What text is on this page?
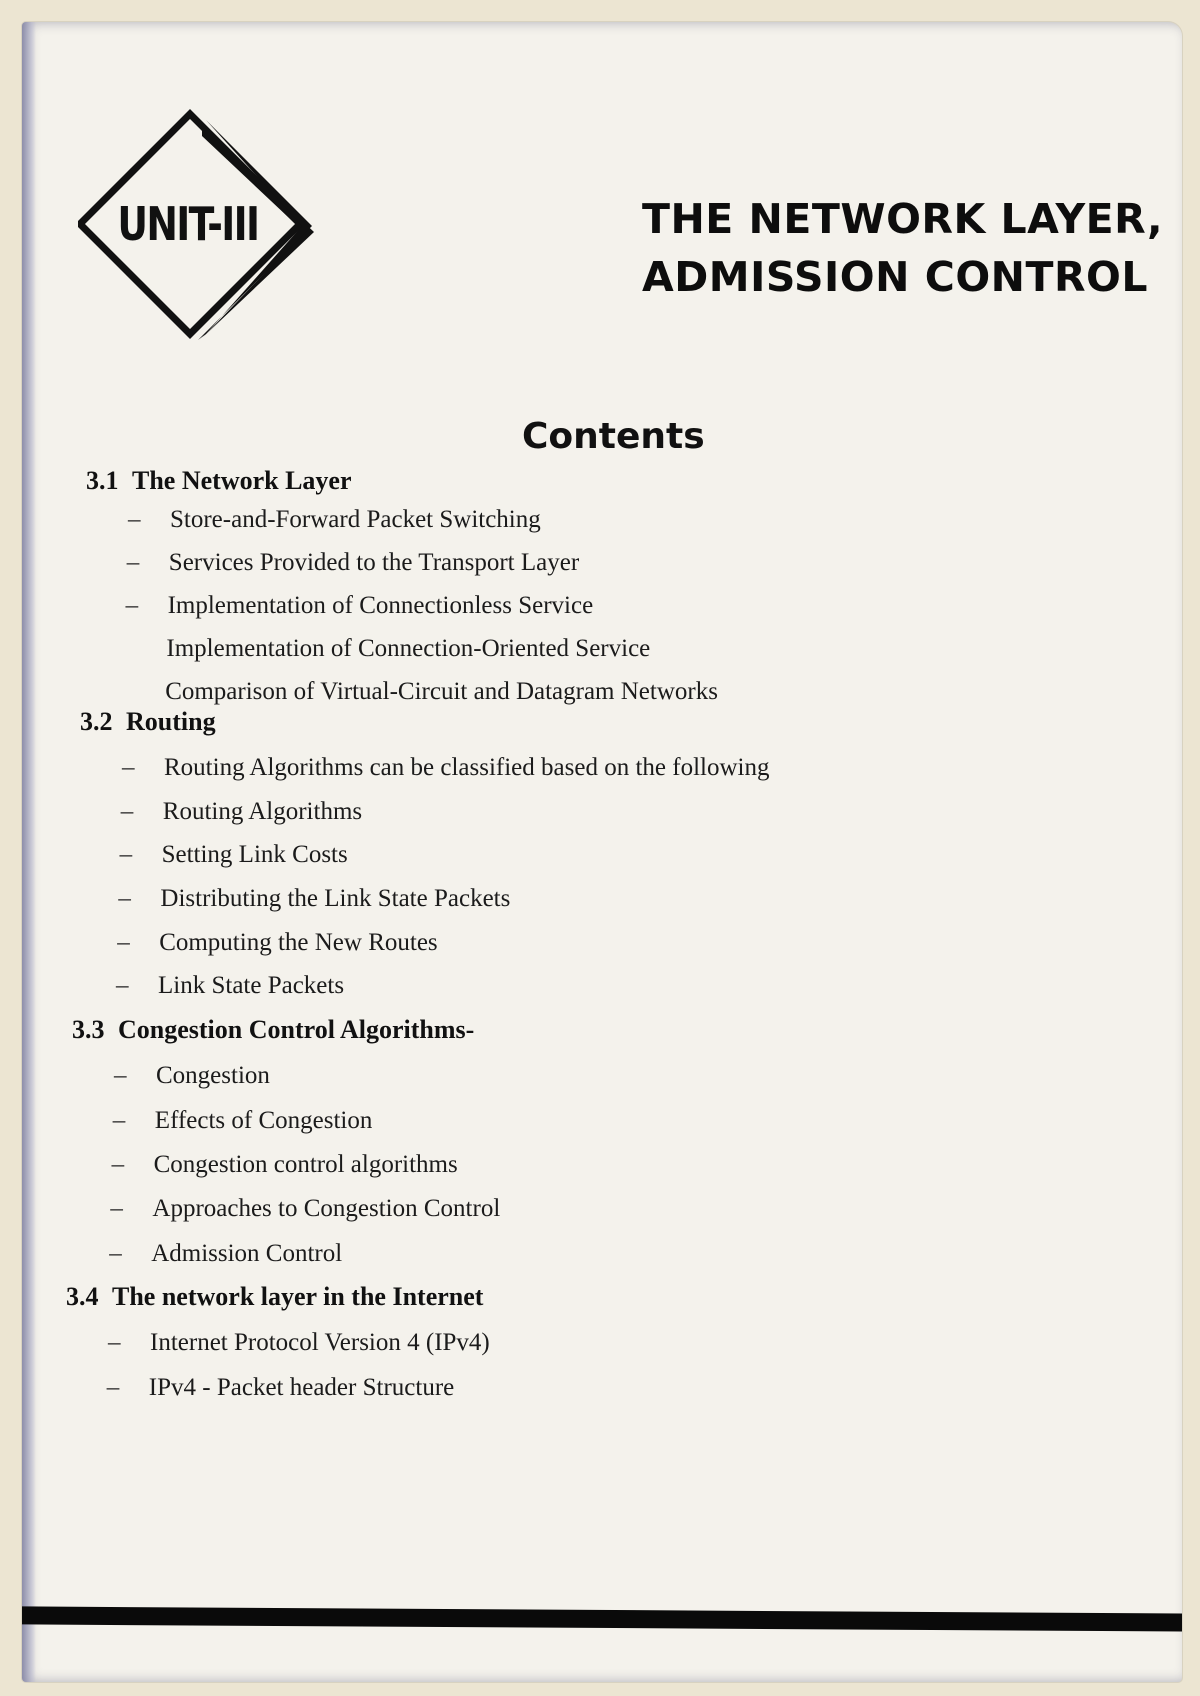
UNIT-III	THE NETWORK LAYER,
ADMISSION CONTROL
Contents
3.1 The Network Layer
– Store-and-Forward Packet Switching
– Services Provided to the Transport Layer
– Implementation of Connectionless Service
Implementation of Connection-Oriented Service
Comparison of Virtual-Circuit and Datagram Networks
3.2 Routing
– Routing Algorithms can be classified based on the following
– Routing Algorithms
– Setting Link Costs
– Distributing the Link State Packets
– Computing the New Routes
– Link State Packets
3.3 Congestion Control Algorithms-
– Congestion
– Effects of Congestion
– Congestion control algorithms
– Approaches to Congestion Control
– Admission Control
3.4 The network layer in the Internet
– Internet Protocol Version 4 (IPv4)
– IPv4 - Packet header Structure
